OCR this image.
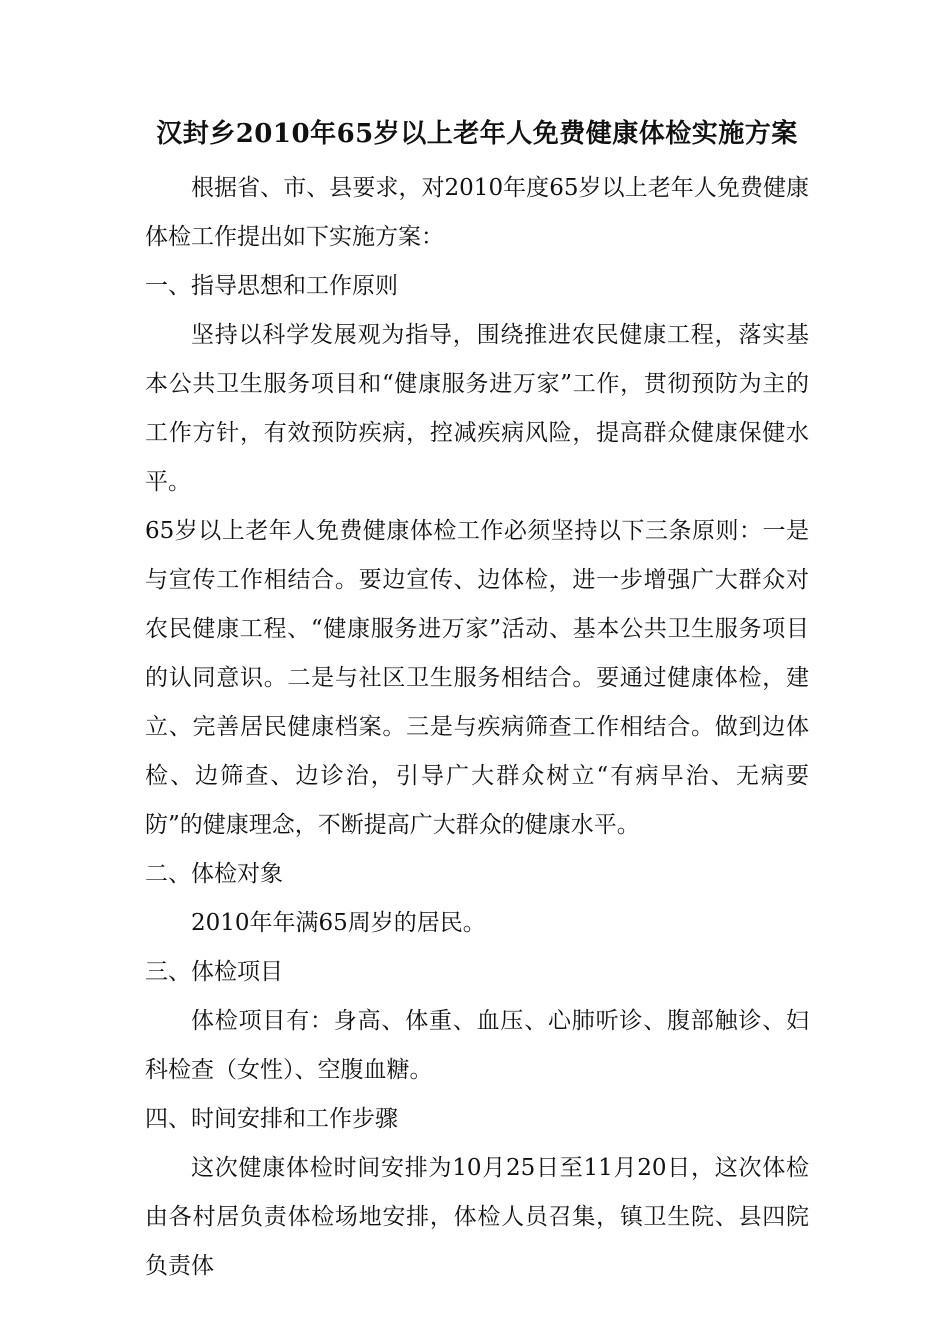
汉封乡2010年65岁以上老年人免费健康体检实施方案

根据省、市、县要求，对2010年度65岁以上老年人免费健康体检工作提出如下实施方案：

一、指导思想和工作原则

坚持以科学发展观为指导，围绕推进农民健康工程，落实基本公共卫生服务项目和“健康服务进万家”工作，贯彻预防为主的工作方针，有效预防疾病，控减疾病风险，提高群众健康保健水平。

65岁以上老年人免费健康体检工作必须坚持以下三条原则：一是与宣传工作相结合。要边宣传、边体检，进一步增强广大群众对农民健康工程、“健康服务进万家”活动、基本公共卫生服务项目的认同意识。二是与社区卫生服务相结合。要通过健康体检，建立、完善居民健康档案。三是与疾病筛查工作相结合。做到边体检、边筛查、边诊治，引导广大群众树立“有病早治、无病要防”的健康理念，不断提高广大群众的健康水平。

二、体检对象

2010年年满65周岁的居民。

三、体检项目

体检项目有：身高、体重、血压、心肺听诊、腹部触诊、妇科检查（女性）、空腹血糖。

四、时间安排和工作步骤

这次健康体检时间安排为10月25日至11月20日，这次体检由各村居负责体检场地安排，体检人员召集，镇卫生院、县四院负责体
